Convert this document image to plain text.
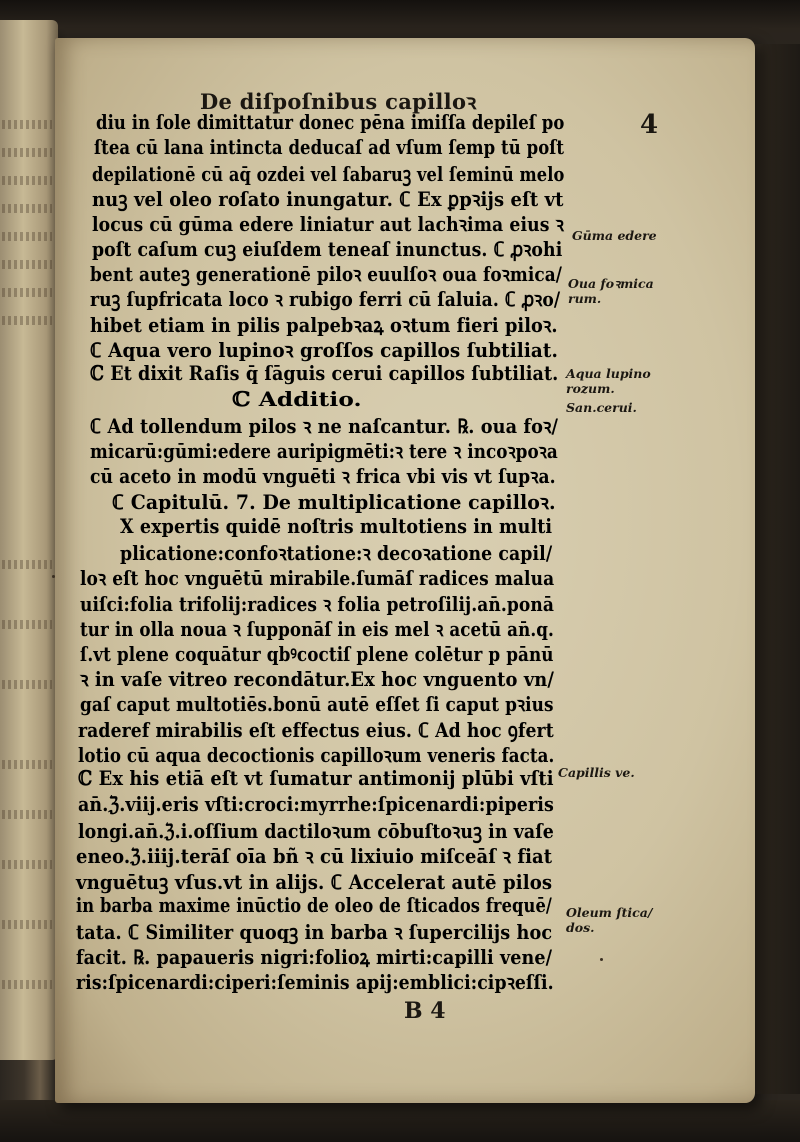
De diſpoſnibus capilloꝛ
4
diu in ſole dimittatur donec pēna imiſſa depileſ po
ſtea cū lana intincta deducaſ ad vſum ſemp tū poſt
depilationē cū aq̄ ozdei vel ſabaruꝫ vel ſeminū melo
nuꝫ vel oleo roſato inungatur. ℂ Ex ꝑpꝛijs eſt vt
locus cū gūma edere liniatur aut lachꝛima eius ꝛ
poſt caſum cuꝫ eiuſdem teneaſ inunctus. ℂ ꝓꝛohi
bent auteꝫ generationē piloꝛ euulſoꝛ oua foꝛmica/
ruꝫ ſupfricata loco ꝛ rubigo ferri cū ſaluia. ℂ ꝓꝛo/
hibet etiam in pilis palpebꝛaꝝ oꝛtum fieri piloꝛ.
ℂ Aqua vero lupinoꝛ groſſos capillos ſubtiliat.
ℂ Et dixit Raſis q̄ ſāguis cerui capillos ſubtiliat.
ℂ Additio.
ℂ Ad tollendum pilos ꝛ ne naſcantur. ℞. oua foꝛ/
micarū:gūmi:edere auripigmēti:ꝛ tere ꝛ incoꝛpoꝛa
cū aceto in modū vnguēti ꝛ frica vbi vis vt ſupꝛa.
ℂ Capitulū. 7. De multiplicatione capilloꝛ.
X expertis quidē noſtris multotiens in multi
plicatione:confoꝛtatione:ꝛ decoꝛatione capil/
loꝛ eſt hoc vnguētū mirabile.ſumāſ radices malua
uiſci:folia trifolij:radices ꝛ folia petroſilij.an̄.ponā
tur in olla noua ꝛ ſupponāſ in eis mel ꝛ acetū an̄.q.
ſ.vt plene coquātur qbꝰcoctiſ plene colētur p pānū
ꝛ in vaſe vitreo recondātur.Ex hoc vnguento vn/
gaſ caput multotiēs.bonū autē eſſet ſi caput pꝛius
raderef mirabilis eſt effectus eius. ℂ Ad hoc ꝯfert
lotio cū aqua decoctionis capilloꝛum veneris facta.
ℂ Ex his etiā eſt vt ſumatur antimonij plūbi vſti
an̄.ℨ.viij.eris vſti:croci:myrrhe:ſpicenardi:piperis
longi.an̄.ℨ.i.oſſium dactiloꝛum cōbuſtoꝛuꝫ in vaſe
eneo.ℨ.iiij.terāſ oīa bñ ꝛ cū lixiuio miſceāſ ꝛ fiat
vnguētuꝫ vſus.vt in alijs. ℂ Accelerat autē pilos
in barba maxime inūctio de oleo de ſticados frequē/
tata. ℂ Similiter quoqꝫ in barba ꝛ ſupercilijs hoc
facit. ℞. papaueris nigri:folioꝝ mirti:capilli vene/
ris:ſpicenardi:ciperi:ſeminis apij:emblici:cipꝛeſſi.
Gūma edere
Oua foꝛmica
rum.
Aqua lupino
rozum.
San.cerui.
Capillis ve.
Oleum ſtica/
dos.
B 4
